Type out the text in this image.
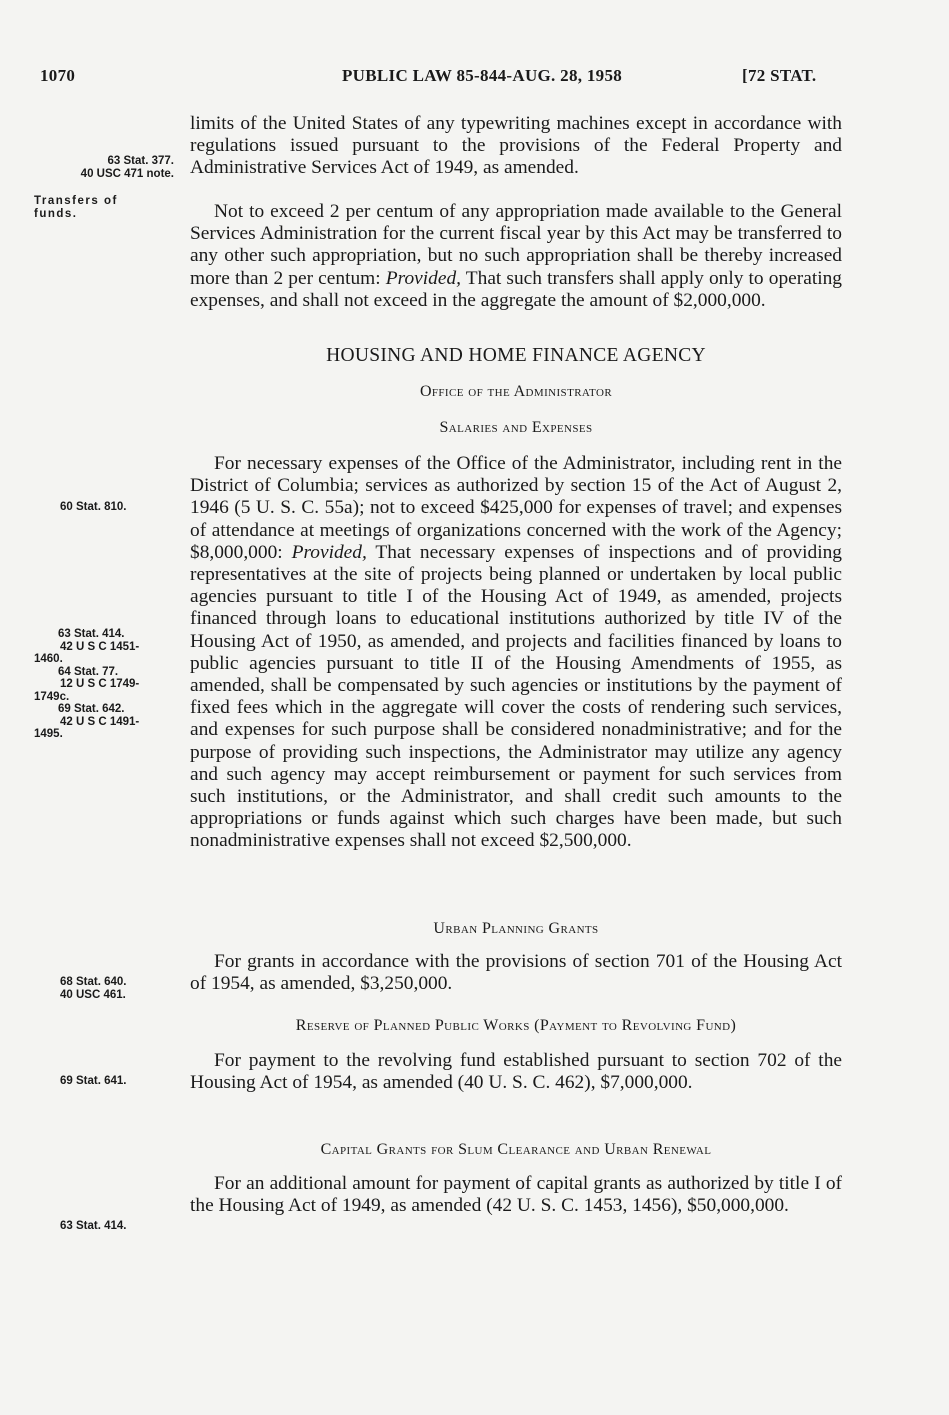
1070	PUBLIC LAW 85-844-AUG. 28, 1958	[72 STAT.

limits of the United States of any typewriting machines except in accordance with regulations issued pursuant to the provisions of the Federal Property and Administrative Services Act of 1949, as amended.

63 Stat. 377.
40 USC 471 note.

Not to exceed 2 per centum of any appropriation made available to the General Services Administration for the current fiscal year by this Act may be transferred to any other such appropriation, but no such appropriation shall be thereby increased more than 2 per centum: Provided, That such transfers shall apply only to operating expenses, and shall not exceed in the aggregate the amount of $2,000,000.

Transfers of
funds.
HOUSING AND HOME FINANCE AGENCY
Office of the Administrator
Salaries and Expenses

For necessary expenses of the Office of the Administrator, including rent in the District of Columbia; services as authorized by section 15 of the Act of August 2, 1946 (5 U. S. C. 55a); not to exceed $425,000 for expenses of travel; and expenses of attendance at meetings of organizations concerned with the work of the Agency; $8,000,000: Provided, That necessary expenses of inspections and of providing representatives at the site of projects being planned or undertaken by local public agencies pursuant to title I of the Housing Act of 1949, as amended, projects financed through loans to educational institutions authorized by title IV of the Housing Act of 1950, as amended, and projects and facilities financed by loans to public agencies pursuant to title II of the Housing Amendments of 1955, as amended, shall be compensated by such agencies or institutions by the payment of fixed fees which in the aggregate will cover the costs of rendering such services, and expenses for such purpose shall be considered nonadministrative; and for the purpose of providing such inspections, the Administrator may utilize any agency and such agency may accept reimbursement or payment for such services from such institutions, or the Administrator, and shall credit such amounts to the appropriations or funds against which such charges have been made, but such nonadministrative expenses shall not exceed $2,500,000.

60 Stat. 810.
63 Stat. 414.
42 U S C 1451-
1460.
64 Stat. 77.
12 U S C 1749-
1749c.
69 Stat. 642.
42 U S C 1491-
1495.
Urban Planning Grants

For grants in accordance with the provisions of section 701 of the Housing Act of 1954, as amended, $3,250,000.

68 Stat. 640.
40 USC 461.
Reserve of Planned Public Works (Payment to Revolving Fund)

For payment to the revolving fund established pursuant to section 702 of the Housing Act of 1954, as amended (40 U. S. C. 462), $7,000,000.

69 Stat. 641.
Capital Grants for Slum Clearance and Urban Renewal

For an additional amount for payment of capital grants as authorized by title I of the Housing Act of 1949, as amended (42 U. S. C. 1453, 1456), $50,000,000.

63 Stat. 414.
